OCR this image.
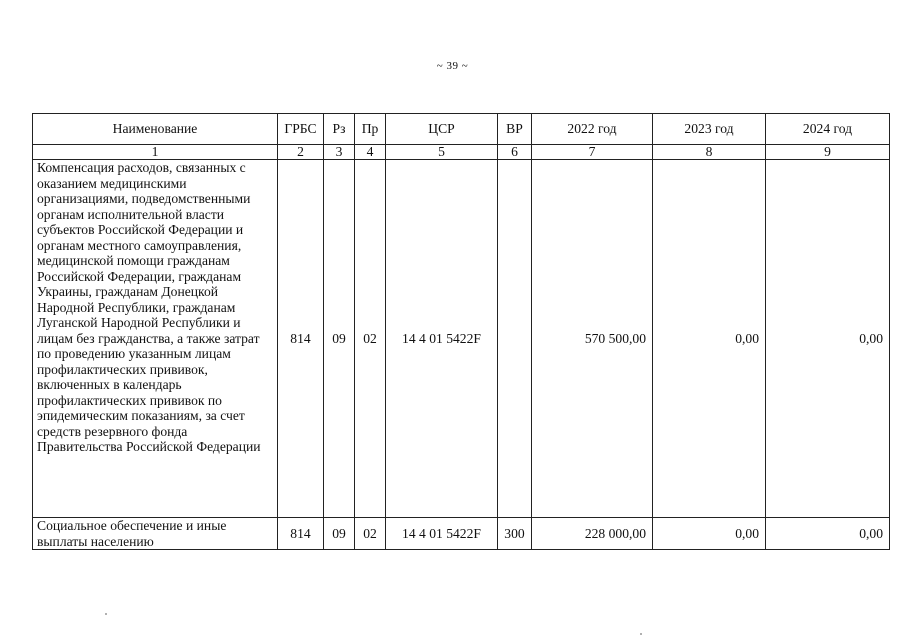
~ 39 ~
Наименование	ГРБС	Рз	Пр	ЦСР	ВР	2022 год	2023 год	2024 год
1	2	3	4	5	6	7	8	9
Компенсация расходов, связанных с оказанием медицинскими организациями, подведомственными органам исполнительной власти субъектов Российской Федерации и органам местного самоуправления, медицинской помощи гражданам Российской Федерации, гражданам Украины, гражданам Донецкой Народной Республики, гражданам Луганской Народной Республики и лицам без гражданства, а также затрат по проведению указанным лицам профилактических прививок, включенных в календарь профилактических прививок по эпидемическим показаниям, за счет средств резервного фонда Правительства Российской Федерации	814	09	02	14 4 01 5422F		570 500,00	0,00	0,00
Социальное обеспечение и иные выплаты населению	814	09	02	14 4 01 5422F	300	228 000,00	0,00	0,00
